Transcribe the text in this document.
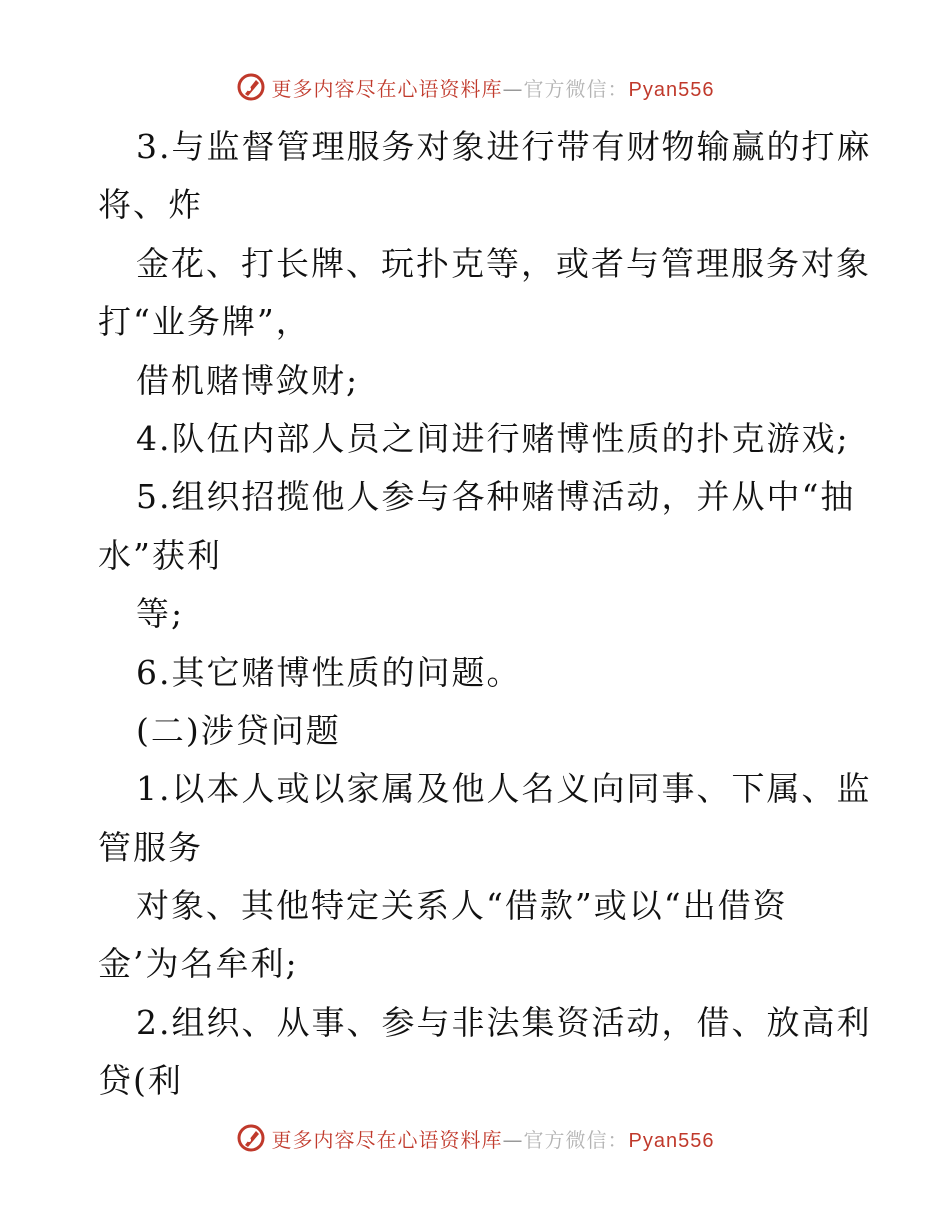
更多内容尽在心语资料库—官方微信：Pyan556
3.与监督管理服务对象进行带有财物输赢的打麻
将、炸
金花、打长牌、玩扑克等，或者与管理服务对象
打“业务牌”，
借机赌博敛财;
4.队伍内部人员之间进行赌博性质的扑克游戏;
5.组织招揽他人参与各种赌博活动，并从中“抽
水”获利
等;
6.其它赌博性质的问题。
(二)涉贷问题
1.以本人或以家属及他人名义向同事、下属、监
管服务
对象、其他特定关系人“借款”或以“出借资
金’为名牟利;
2.组织、从事、参与非法集资活动，借、放高利
贷(利
更多内容尽在心语资料库—官方微信：Pyan556
